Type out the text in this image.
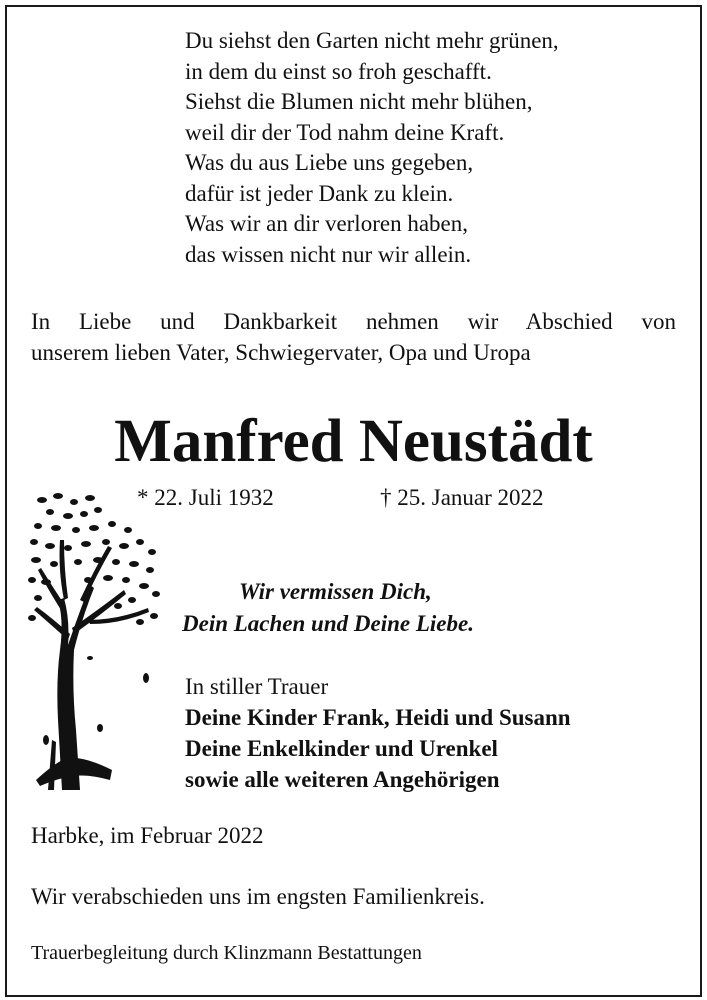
Du siehst den Garten nicht mehr grünen,
in dem du einst so froh geschafft.
Siehst die Blumen nicht mehr blühen,
weil dir der Tod nahm deine Kraft.
Was du aus Liebe uns gegeben,
dafür ist jeder Dank zu klein.
Was wir an dir verloren haben,
das wissen nicht nur wir allein.
In Liebe und Dankbarkeit nehmen wir Abschied von
unserem lieben Vater, Schwiegervater, Opa und Uropa
Manfred Neustädt
* 22. Juli 1932	† 25. Januar 2022
Wir vermissen Dich,
Dein Lachen und Deine Liebe.
In stiller Trauer
Deine Kinder Frank, Heidi und Susann
Deine Enkelkinder und Urenkel
sowie alle weiteren Angehörigen
Harbke, im Februar 2022
Wir verabschieden uns im engsten Familienkreis.
Trauerbegleitung durch Klinzmann Bestattungen
